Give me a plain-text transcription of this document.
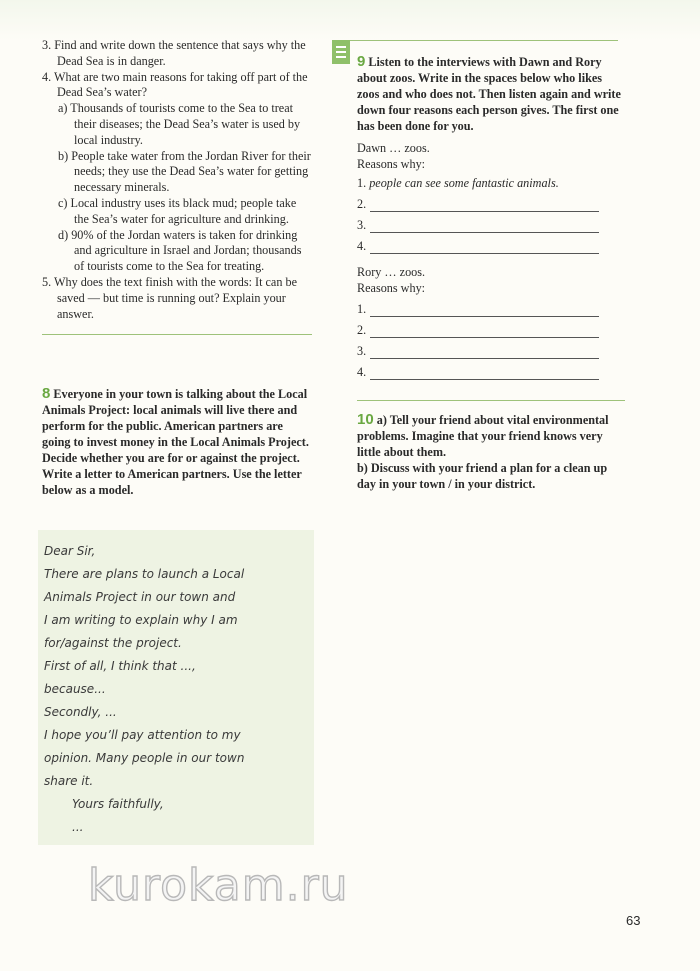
3. Find and write down the sentence that says why the Dead Sea is in danger.

4. What are two main reasons for taking off part of the Dead Sea’s water?

a) Thousands of tourists come to the Sea to treat their diseases; the Dead Sea’s water is used by local industry.

b) People take water from the Jordan River for their needs; they use the Dead Sea’s water for getting necessary minerals.

c) Local industry uses its black mud; people take the Sea’s water for agriculture and drinking.

d) 90% of the Jordan waters is taken for drinking and agriculture in Israel and Jordan; thousands of tourists come to the Sea for treating.

5. Why does the text finish with the words: It can be saved — but time is running out? Explain your answer.

8 Everyone in your town is talking about the Local Animals Project: local animals will live there and perform for the public. American partners are going to invest money in the Local Animals Project. Decide whether you are for or against the project. Write a letter to American partners. Use the letter below as a model.

Dear Sir,

There are plans to launch a Local

Animals Project in our town and

I am writing to explain why I am

for/against the project.

First of all, I think that ...,

because...

Secondly, ...

I hope you’ll pay attention to my

opinion. Many people in our town

share it.

Yours faithfully,

...

9 Listen to the interviews with Dawn and Rory about zoos. Write in the spaces below who likes zoos and who does not. Then listen again and write down four reasons each person gives. The first one has been done for you.

Dawn … zoos.

Reasons why:

1. people can see some fantastic animals.

2.
3.
4.

Rory … zoos.

Reasons why:

1.
2.
3.
4.

10 a) Tell your friend about vital environmental problems. Imagine that your friend knows very little about them.

b) Discuss with your friend a plan for a clean up day in your town / in your district.

kurokam.ru
63
